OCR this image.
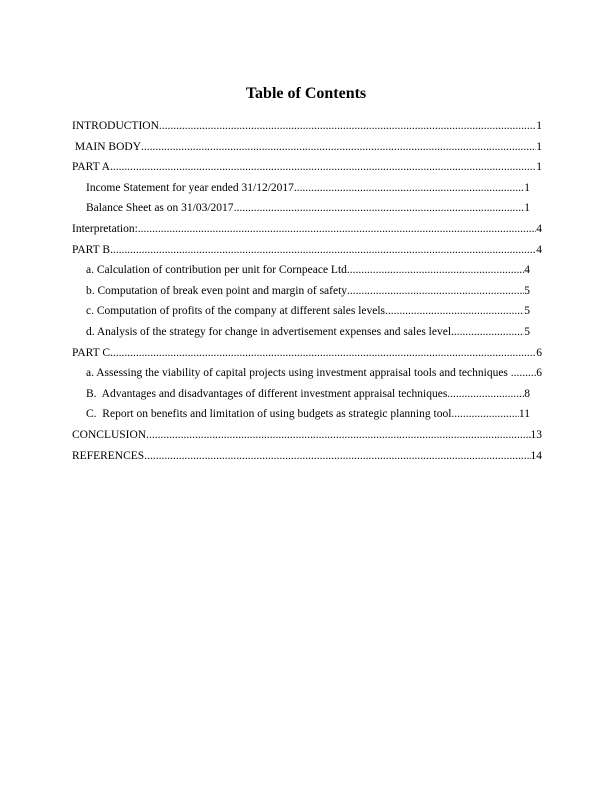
Table of Contents
INTRODUCTION .....	1
MAIN BODY .....	1
PART A .....	1
Income Statement for year ended 31/12/2017 .....	1
Balance Sheet as on 31/03/2017 .....	1
Interpretation: .....	4
PART B .....	4
a. Calculation of contribution per unit for Cornpeace Ltd .....	4
b. Computation of break even point and margin of safety .....	5
c. Computation of profits of the company at different sales levels .....	5
d. Analysis of the strategy for change in advertisement expenses and sales level .....	5
PART C .....	6
a. Assessing the viability of capital projects using investment appraisal tools and techniques ..... 6
B.  Advantages and disadvantages of different investment appraisal techniques .....	8
C.  Report on benefits and limitation of using budgets as strategic planning tool .....	11
CONCLUSION .....	13
REFERENCES .....	14
